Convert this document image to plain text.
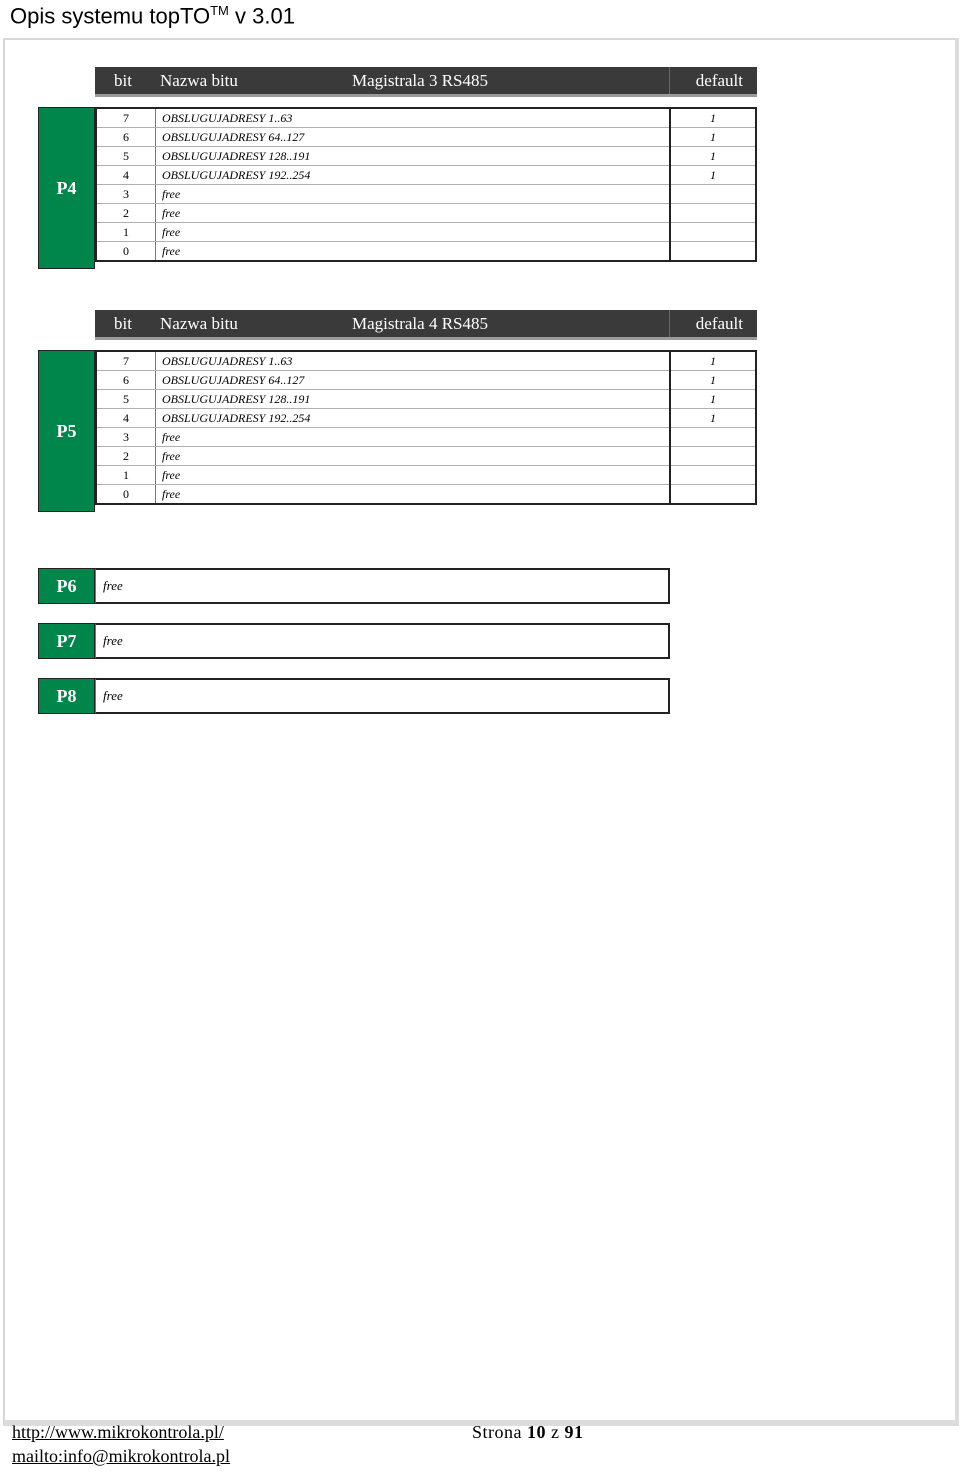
Opis systemu topTO™ v 3.01
bit Nazwa bitu	Magistrala 3 RS485	default
P4
7	OBSLUGUJADRESY 1..63	1
6	OBSLUGUJADRESY 64..127	1
5	OBSLUGUJADRESY 128..191	1
4	OBSLUGUJADRESY 192..254	1
3	free	
2	free	
1	free	
0	free	
bit Nazwa bitu	Magistrala 4 RS485	default
P5
7	OBSLUGUJADRESY 1..63	1
6	OBSLUGUJADRESY 64..127	1
5	OBSLUGUJADRESY 128..191	1
4	OBSLUGUJADRESY 192..254	1
3	free	
2	free	
1	free	
0	free	
P6	free
P7	free
P8	free
http://www.mikrokontrola.pl/
mailto:info@mikrokontrola.pl
Strona 10 z 91
